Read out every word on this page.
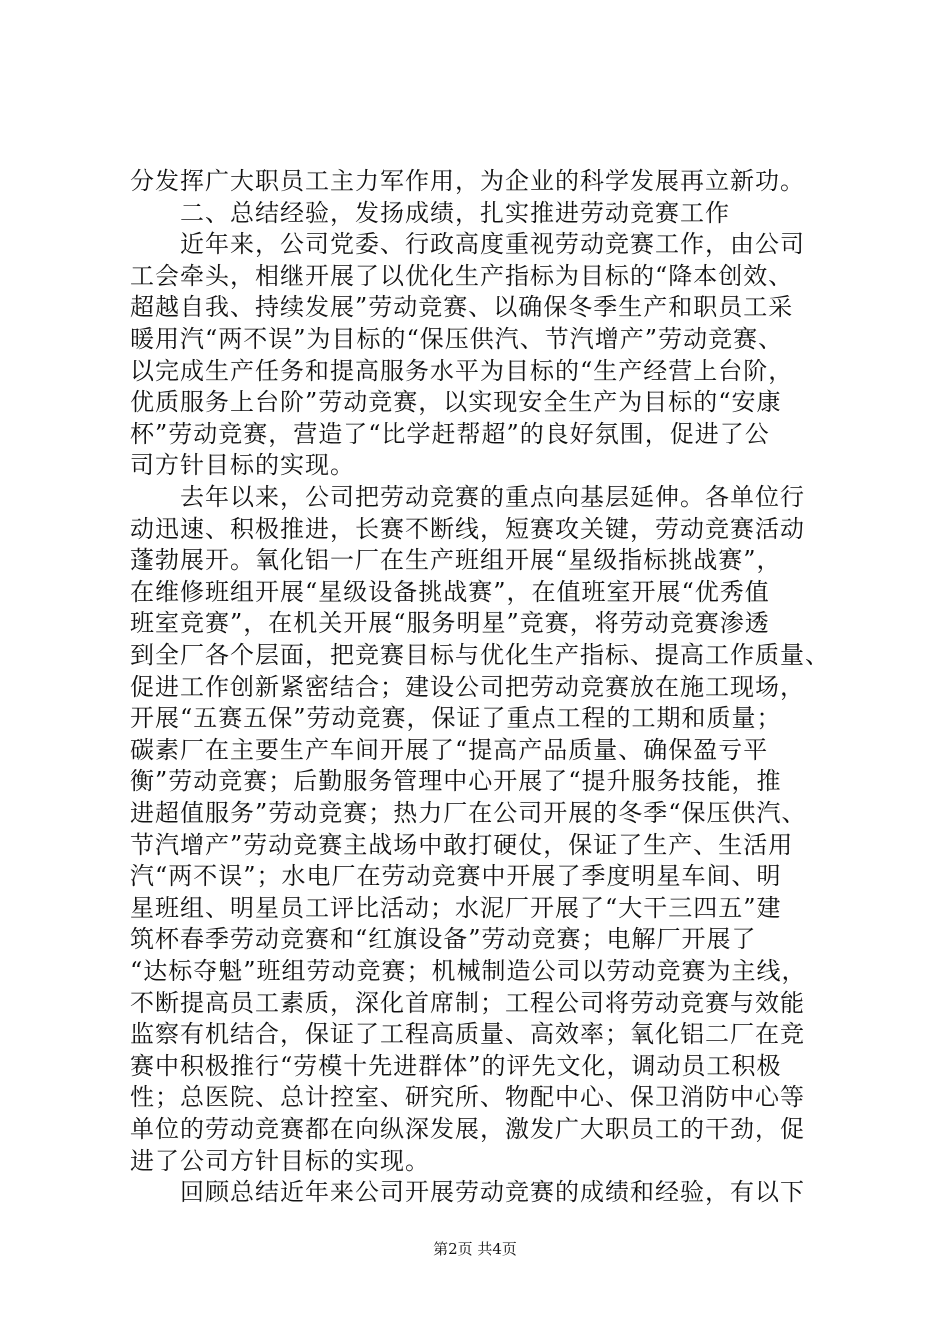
分发挥广大职员工主力军作用，为企业的科学发展再立新功。
　　二、总结经验，发扬成绩，扎实推进劳动竞赛工作
　　近年来，公司党委、行政高度重视劳动竞赛工作，由公司
工会牵头，相继开展了以优化生产指标为目标的“降本创效、
超越自我、持续发展”劳动竞赛、以确保冬季生产和职员工采
暖用汽“两不误”为目标的“保压供汽、节汽增产”劳动竞赛、
以完成生产任务和提高服务水平为目标的“生产经营上台阶，
优质服务上台阶”劳动竞赛，以实现安全生产为目标的“安康
杯”劳动竞赛，营造了“比学赶帮超”的良好氛围，促进了公
司方针目标的实现。
　　去年以来，公司把劳动竞赛的重点向基层延伸。各单位行
动迅速、积极推进，长赛不断线，短赛攻关键，劳动竞赛活动
蓬勃展开。氧化铝一厂在生产班组开展“星级指标挑战赛”，
在维修班组开展“星级设备挑战赛”，在值班室开展“优秀值
班室竞赛”，在机关开展“服务明星”竞赛，将劳动竞赛渗透
到全厂各个层面，把竞赛目标与优化生产指标、提高工作质量、
促进工作创新紧密结合；建设公司把劳动竞赛放在施工现场，
开展“五赛五保”劳动竞赛，保证了重点工程的工期和质量；
碳素厂在主要生产车间开展了“提高产品质量、确保盈亏平
衡”劳动竞赛；后勤服务管理中心开展了“提升服务技能，推
进超值服务”劳动竞赛；热力厂在公司开展的冬季“保压供汽、
节汽增产”劳动竞赛主战场中敢打硬仗，保证了生产、生活用
汽“两不误”；水电厂在劳动竞赛中开展了季度明星车间、明
星班组、明星员工评比活动；水泥厂开展了“大干三四五”建
筑杯春季劳动竞赛和“红旗设备”劳动竞赛；电解厂开展了
“达标夺魁”班组劳动竞赛；机械制造公司以劳动竞赛为主线，
不断提高员工素质，深化首席制；工程公司将劳动竞赛与效能
监察有机结合，保证了工程高质量、高效率；氧化铝二厂在竞
赛中积极推行“劳模十先进群体”的评先文化，调动员工积极
性；总医院、总计控室、研究所、物配中心、保卫消防中心等
单位的劳动竞赛都在向纵深发展，激发广大职员工的干劲，促
进了公司方针目标的实现。
　　回顾总结近年来公司开展劳动竞赛的成绩和经验，有以下
第2页 共4页
